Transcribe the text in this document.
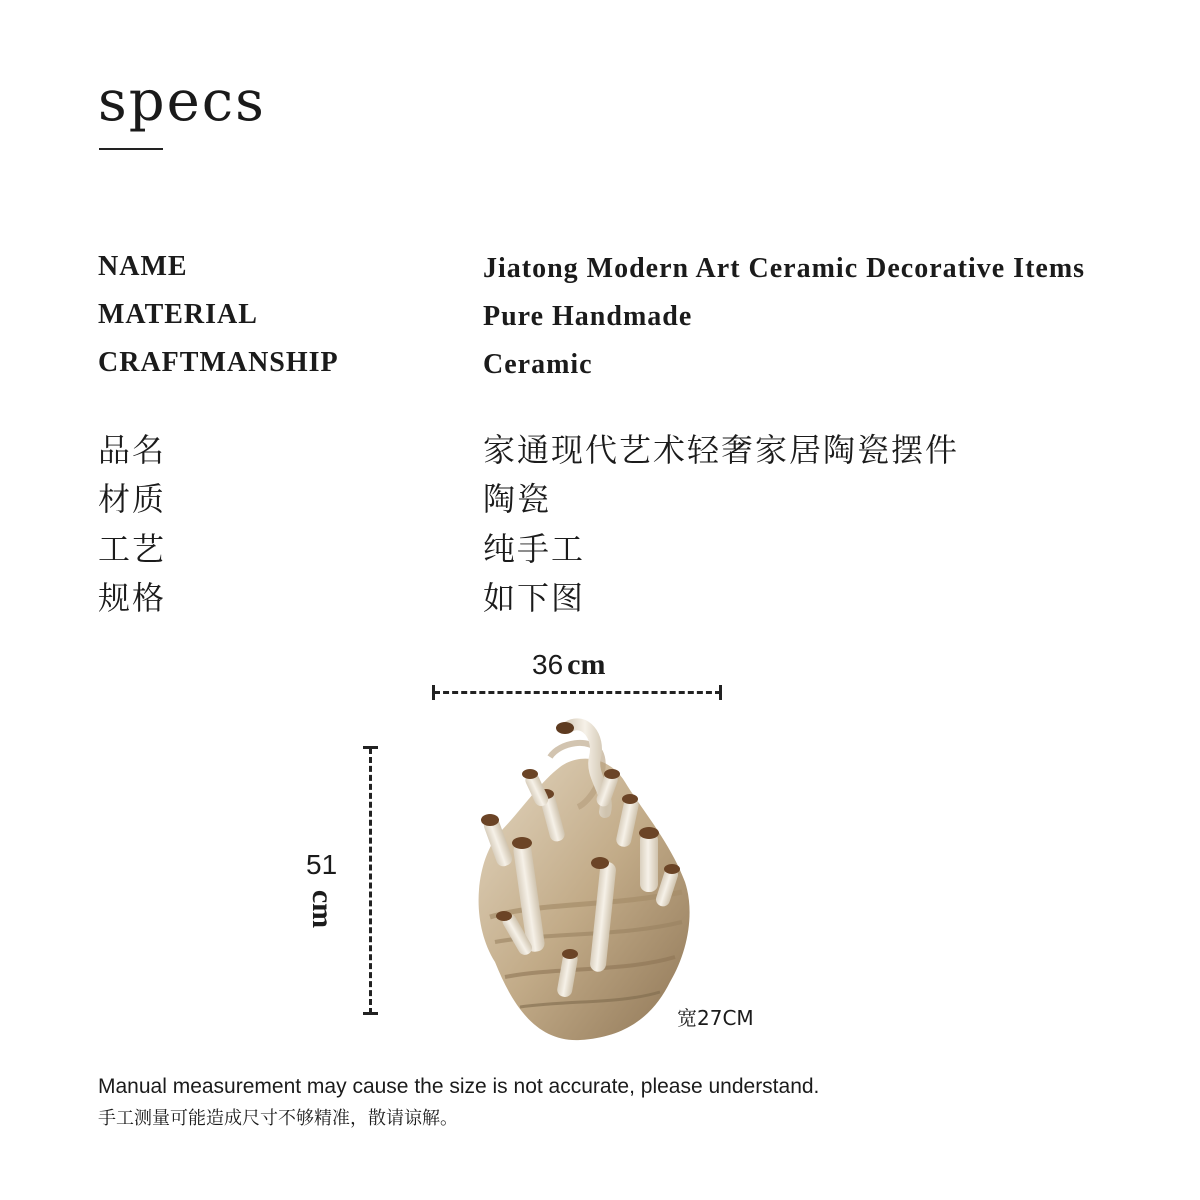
specs
NAME	Jiatong Modern Art Ceramic Decorative Items
MATERIAL	Pure Handmade
CRAFTMANSHIP	Ceramic
品名	家通现代艺术轻奢家居陶瓷摆件
材质	陶瓷
工艺	纯手工
规格	如下图
36 cm
51
cm
宽27CM
Manual measurement may cause the size is not accurate, please understand.
手工测量可能造成尺寸不够精准，散请谅解。
